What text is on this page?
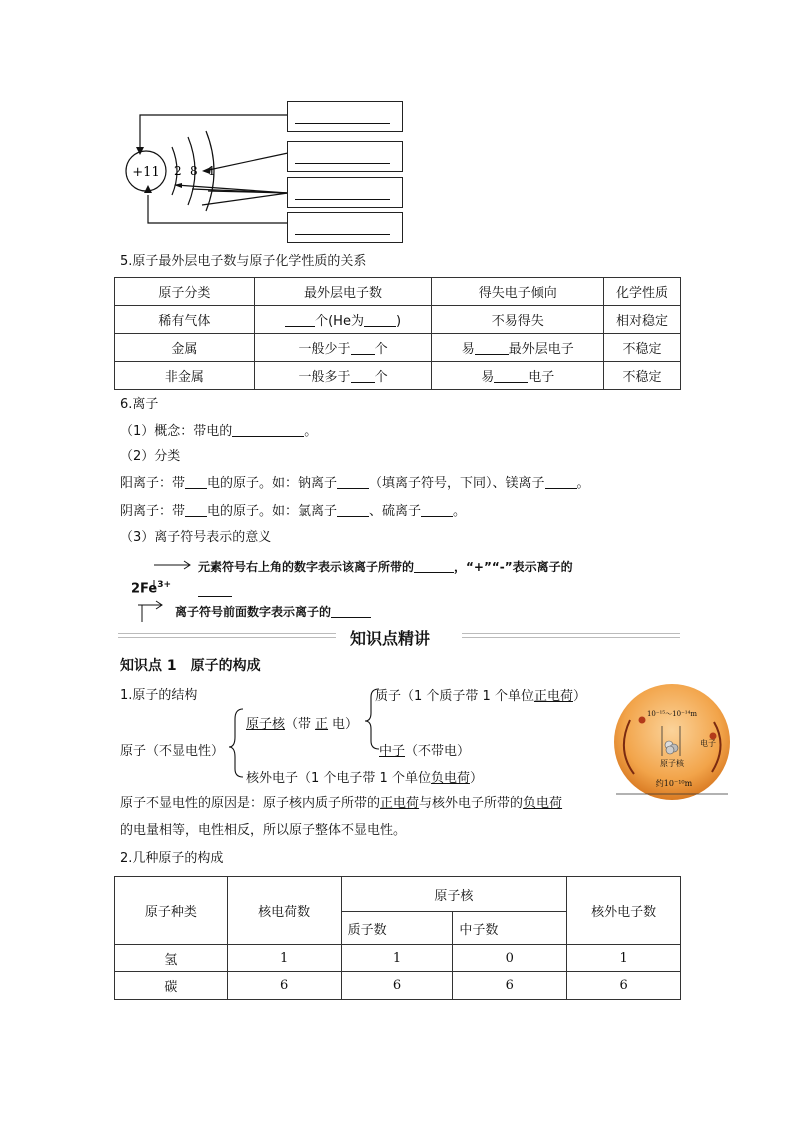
+11 2 8 1
5.原子最外层电子数与原子化学性质的关系
原子分类	最外层电子数	得失电子倾向	化学性质
稀有气体	个(He为 )	不易得失	相对稳定
金属	一般少于 个	易 最外层电子	不稳定
非金属	一般多于 个	易 电子	不稳定
6.离子
（1）概念：带电的	。
（2）分类
阳离子：带 电的原子。如：钠离子 （填离子符号，下同）、镁离子 。
阴离子：带 电的原子。如：氯离子 、硫离子 。
（3）离子符号表示的意义
元素符号右上角的数字表示该离子所带的	，“+”“-”表示离子的
$2Fe^{3+}$
离子符号前面数字表示离子的
知识点精讲
知识点 1　原子的构成
1.原子的结构
原子（不显电性）
原子核（带 正 电）
质子（1 个质子带 1 个单位正电荷）
中子（不带电）
核外电子（1 个电子带 1 个单位负电荷）
10⁻¹⁵～10⁻¹⁴m
电子
原子核
约10⁻¹⁰m
原子不显电性的原因是：原子核内质子所带的正电荷与核外电子所带的负电荷
的电量相等，电性相反，所以原子整体不显电性。
2.几种原子的构成
原子种类	核电荷数	原子核		核外电子数
		质子数	中子数	
氢	1	1	0	1
碳	6	6	6	6
